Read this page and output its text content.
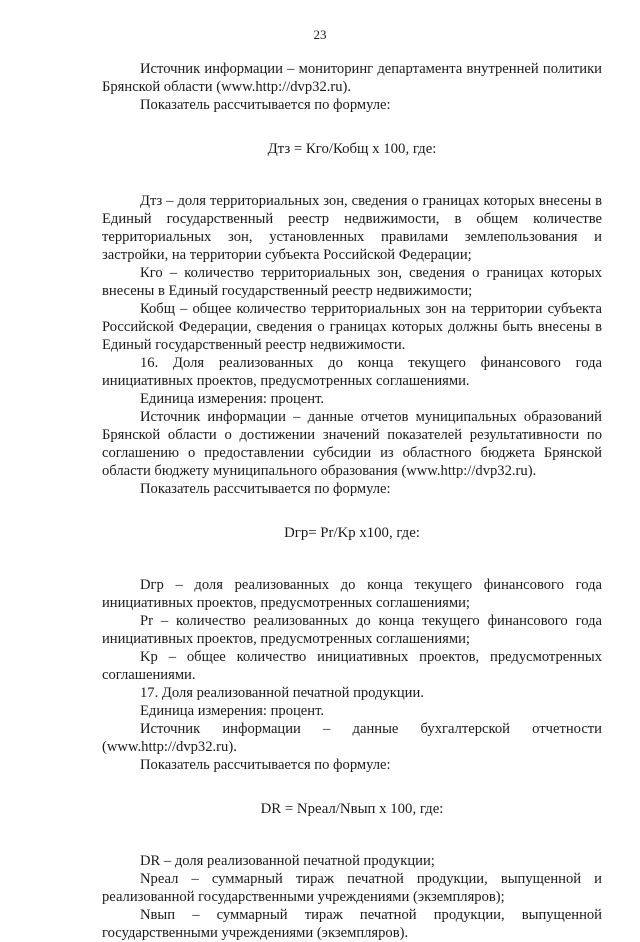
23

Источник информации – мониторинг департамента внутренней политики Брянской области (www.http://dvp32.ru).

Показатель рассчитывается по формуле:

Дтз = Кго/Кобщ х 100, где:

Дтз – доля территориальных зон, сведения о границах которых внесены в Единый государственный реестр недвижимости, в общем количестве территориальных зон, установленных правилами землепользования и застройки, на территории субъекта Российской Федерации;

Кго – количество территориальных зон, сведения о границах которых внесены в Единый государственный реестр недвижимости;

Кобщ – общее количество территориальных зон на территории субъекта Российской Федерации, сведения о границах которых должны быть внесены в Единый государственный реестр недвижимости.

16. Доля реализованных до конца текущего финансового года инициативных проектов, предусмотренных соглашениями.

Единица измерения: процент.

Источник информации – данные отчетов муниципальных образований Брянской области о достижении значений показателей результативности по соглашению о предоставлении субсидии из областного бюджета Брянской области бюджету муниципального образования (www.http://dvp32.ru).

Показатель рассчитывается по формуле:

Dгр= Pr/Kр х100, где:

Dгр – доля реализованных до конца текущего финансового года инициативных проектов, предусмотренных соглашениями;

Pr – количество реализованных до конца текущего финансового года инициативных проектов, предусмотренных соглашениями;

Kр – общее количество инициативных проектов, предусмотренных соглашениями.

17. Доля реализованной печатной продукции.

Единица измерения: процент.

Источник информации – данные бухгалтерской отчетности (www.http://dvp32.ru).

Показатель рассчитывается по формуле:

DR = Nреал/Nвып х 100, где:

DR – доля реализованной печатной продукции;

Nреал – суммарный тираж печатной продукции, выпущенной и реализованной государственными учреждениями (экземпляров);

Nвып – суммарный тираж печатной продукции, выпущенной государственными учреждениями (экземпляров).
